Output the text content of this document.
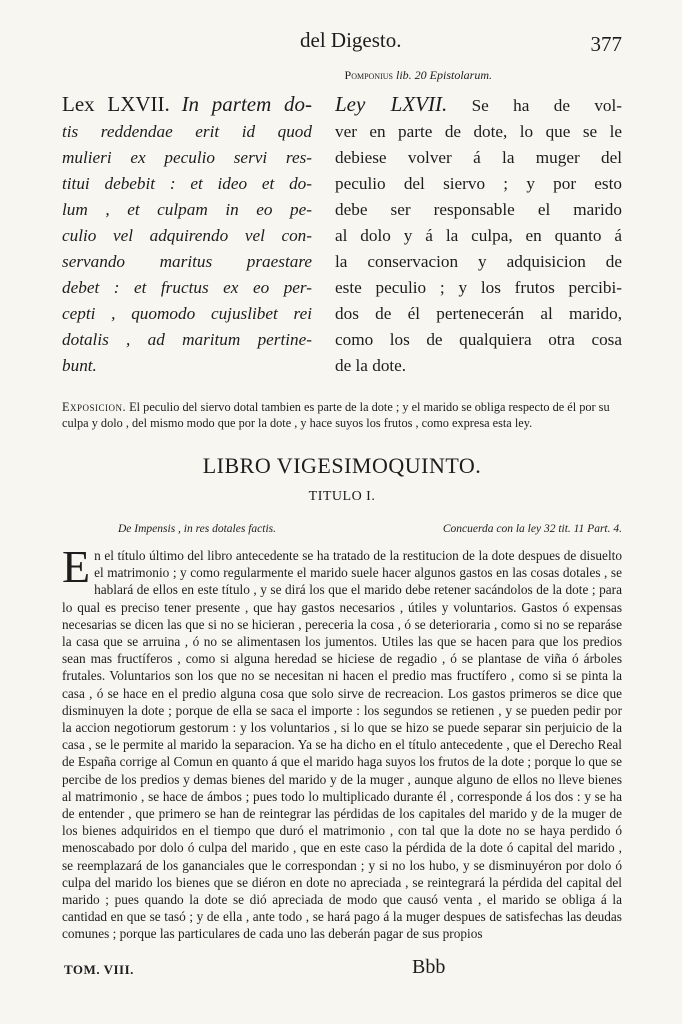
del Digesto.	377
Pomponius lib. 20 Epistolarum.
Lex LXVII. In partem do-
tis reddendae erit id quod
mulieri ex peculio servi res-
titui debebit : et ideo et do-
lum , et culpam in eo pe-
culio vel adquirendo vel con-
servando maritus praestare
debet : et fructus ex eo per-
cepti , quomodo cujuslibet rei
dotalis , ad maritum pertine-
bunt.
Ley LXVII. Se ha de vol-
ver en parte de dote, lo que se le
debiese volver á la muger del
peculio del siervo ; y por esto
debe ser responsable el marido
al dolo y á la culpa, en quanto á
la conservacion y adquisicion de
este peculio ; y los frutos percibi-
dos de él pertenecerán al marido,
como los de qualquiera otra cosa
de la dote.
Exposicion. El peculio del siervo dotal tambien es parte de la dote ; y el marido se obliga respecto de él por su culpa y dolo , del mismo modo que por la dote , y hace suyos los frutos , como expresa esta ley.
LIBRO VIGESIMOQUINTO.
TITULO I.
De Impensis , in res dotales factis.	Concuerda con la ley 32 tit. 11 Part. 4.
E n el título último del libro antecedente se ha tratado de la restitucion de la dote despues de disuelto el matrimonio ; y como regularmente el marido suele hacer algunos gastos en las cosas dotales , se hablará de ellos en este título , y se dirá los que el marido debe retener sacándolos de la dote ; para lo qual es preciso tener presente , que hay gastos necesarios , útiles y voluntarios. Gastos ó expensas necesarias se dicen las que si no se hicieran , pereceria la cosa , ó se deterioraria , como si no se reparáse la casa que se arruina , ó no se alimentasen los jumentos. Utiles las que se hacen para que los predios sean mas fructíferos , como si alguna heredad se hiciese de regadio , ó se plantase de viña ó árboles frutales. Voluntarios son los que no se necesitan ni hacen el predio mas fructífero , como si se pinta la casa , ó se hace en el predio alguna cosa que solo sirve de recreacion. Los gastos primeros se dice que disminuyen la dote ; porque de ella se saca el importe : los segundos se retienen , y se pueden pedir por la accion negotiorum gestorum : y los voluntarios , si lo que se hizo se puede separar sin perjuicio de la casa , se le permite al marido la separacion. Ya se ha dicho en el título antecedente , que el Derecho Real de España corrige al Comun en quanto á que el marido haga suyos los frutos de la dote ; porque lo que se percibe de los predios y demas bienes del marido y de la muger , aunque alguno de ellos no lleve bienes al matrimonio , se hace de ámbos ; pues todo lo multiplicado durante él , corresponde á los dos : y se ha de entender , que primero se han de reintegrar las pérdidas de los capitales del marido y de la muger de los bienes adquiridos en el tiempo que duró el matrimonio , con tal que la dote no se haya perdido ó menoscabado por dolo ó culpa del marido , que en este caso la pérdida de la dote ó capital del marido , se reemplazará de los gananciales que le correspondan ; y si no los hubo, y se disminuyéron por dolo ó culpa del marido los bienes que se diéron en dote no apreciada , se reintegrará la pérdida del capital del marido ; pues quando la dote se dió apreciada de modo que causó venta , el marido se obliga á la cantidad en que se tasó ; y de ella , ante todo , se hará pago á la muger despues de satisfechas las deudas comunes ; porque las particulares de cada uno las deberán pagar de sus propios
TOM. VIII.	Bbb
